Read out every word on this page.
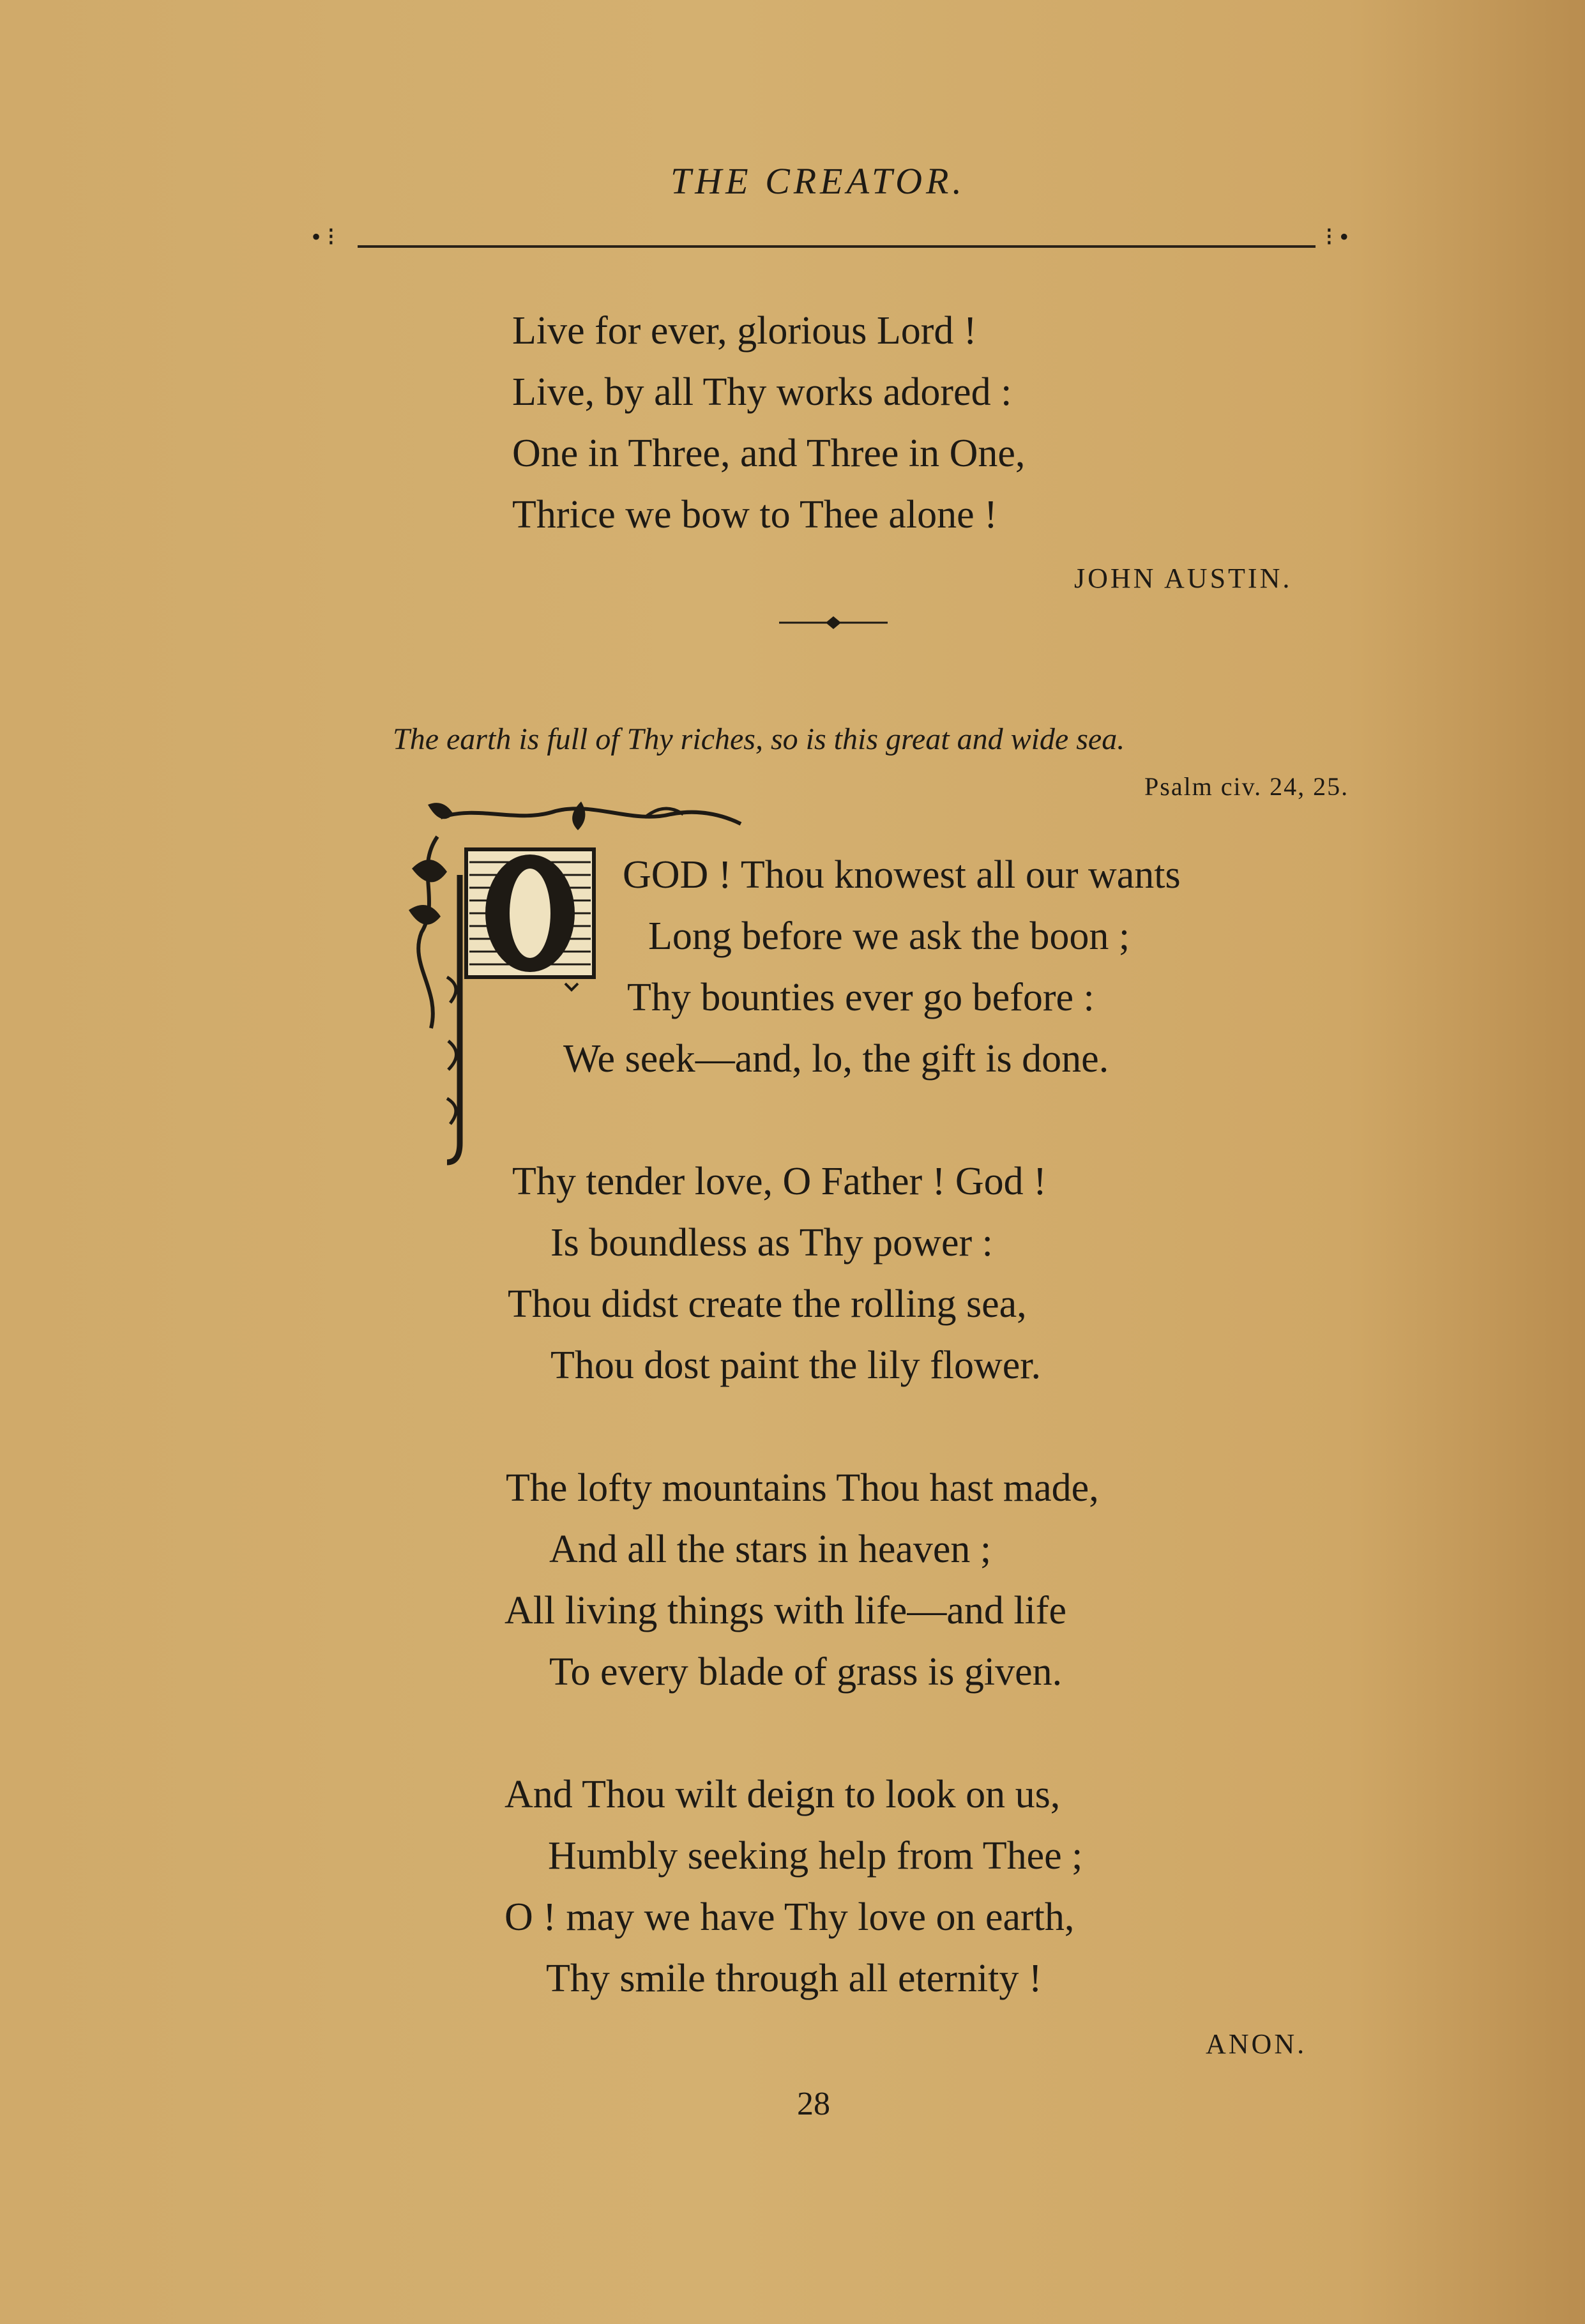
THE CREATOR.
• ⁝	⁝ •
Live for ever, glorious Lord !
Live, by all Thy works adored :
One in Three, and Three in One,
Thrice we bow to Thee alone !
JOHN AUSTIN.
The earth is full of Thy riches, so is this great and wide sea.
Psalm civ. 24, 25.
GOD ! Thou knowest all our wants
Long before we ask the boon ;
Thy bounties ever go before :
We seek—and, lo, the gift is done.
Thy tender love, O Father ! God !
Is boundless as Thy power :
Thou didst create the rolling sea,
Thou dost paint the lily flower.
The lofty mountains Thou hast made,
And all the stars in heaven ;
All living things with life—and life
To every blade of grass is given.
And Thou wilt deign to look on us,
Humbly seeking help from Thee ;
O ! may we have Thy love on earth,
Thy smile through all eternity !
ANON.
28
